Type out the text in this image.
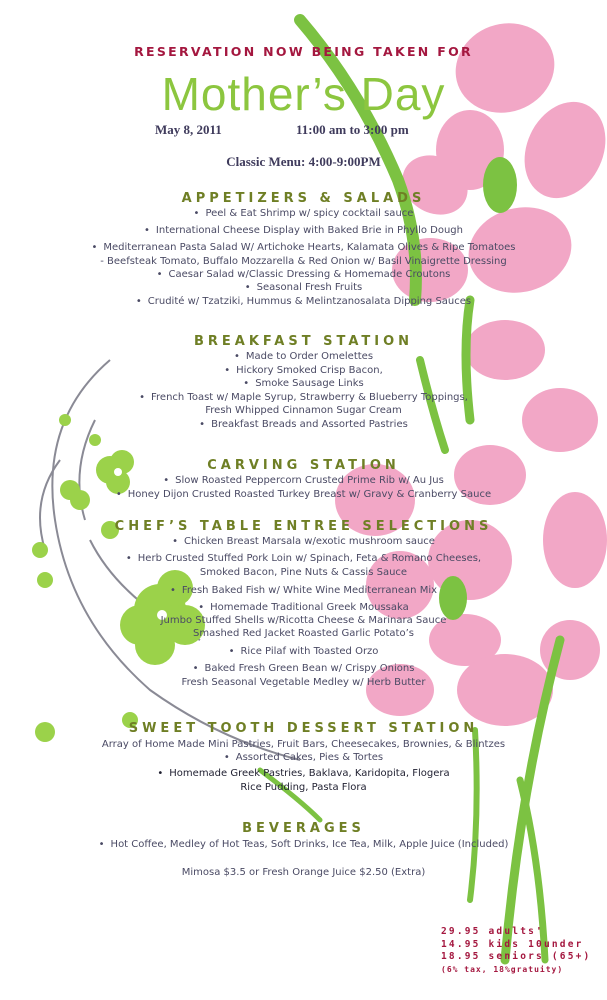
RESERVATION NOW BEING TAKEN FOR
Mother’s Day
May 8, 2011	11:00 am to 3:00 pm
Classic Menu: 4:00-9:00PM
APPETIZERS & SALADS
• Peel & Eat Shrimp w/ spicy cocktail sauce
• International Cheese Display with Baked Brie in Phyllo Dough
• Mediterranean Pasta Salad W/ Artichoke Hearts, Kalamata Olives & Ripe Tomatoes
- Beefsteak Tomato, Buffalo Mozzarella & Red Onion w/ Basil Vinaigrette Dressing
• Caesar Salad w/Classic Dressing & Homemade Croutons
• Seasonal Fresh Fruits
• Crudité w/ Tzatziki, Hummus & Melintzanosalata Dipping Sauces
BREAKFAST STATION
• Made to Order Omelettes
• Hickory Smoked Crisp Bacon,
• Smoke Sausage Links
• French Toast w/ Maple Syrup, Strawberry & Blueberry Toppings,
Fresh Whipped Cinnamon Sugar Cream
• Breakfast Breads and Assorted Pastries
CARVING STATION
• Slow Roasted Peppercorn Crusted Prime Rib w/ Au Jus
• Honey Dijon Crusted Roasted Turkey Breast w/ Gravy & Cranberry Sauce
CHEF’S TABLE ENTREE SELECTIONS
• Chicken Breast Marsala w/exotic mushroom sauce
• Herb Crusted Stuffed Pork Loin w/ Spinach, Feta & Romano Cheeses,
Smoked Bacon, Pine Nuts & Cassis Sauce
• Fresh Baked Fish w/ White Wine Mediterranean Mix
• Homemade Traditional Greek Moussaka
Jumbo Stuffed Shells w/Ricotta Cheese & Marinara Sauce
Smashed Red Jacket Roasted Garlic Potato’s
• Rice Pilaf with Toasted Orzo
• Baked Fresh Green Bean w/ Crispy Onions
Fresh Seasonal Vegetable Medley w/ Herb Butter
SWEET TOOTH DESSERT STATION
Array of Home Made Mini Pastries, Fruit Bars, Cheesecakes, Brownies, & Blintzes
• Assorted Cakes, Pies & Tortes
• Homemade Greek Pastries, Baklava, Karidopita, Flogera
Rice Pudding, Pasta Flora
BEVERAGES
• Hot Coffee, Medley of Hot Teas, Soft Drinks, Ice Tea, Milk, Apple Juice (Included)
Mimosa $3.5 or Fresh Orange Juice $2.50 (Extra)
29.95 adults'
14.95 kids 10under
18.95 seniors (65+)
(6% tax, 18%gratuity)
